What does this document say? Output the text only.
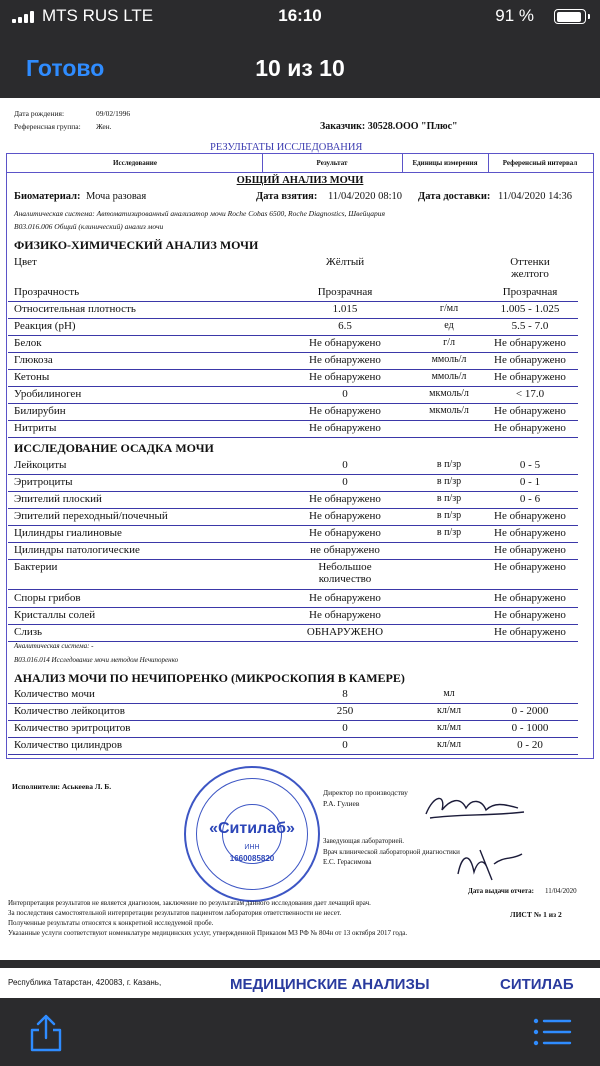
MTS RUS LTE	16:10	91 %
Готово	10 из 10
Дата рождения:	09/02/1996
Референсная группа: Жен.	Заказчик: 30528.ООО "Плюс"
РЕЗУЛЬТАТЫ ИССЛЕДОВАНИЯ
Исследование	Результат	Единицы измерения	Референсный интервал
ОБЩИЙ АНАЛИЗ МОЧИ
Биоматериал: Моча разовая	Дата взятия: 11/04/2020 08:10 Дата доставки: 11/04/2020 14:36
Аналитическая система: Автоматизированный анализатор мочи Roche Cobas 6500, Roche Diagnostics, Швейцария
B03.016.006 Общий (клинический) анализ мочи
ФИЗИКО-ХИМИЧЕСКИЙ АНАЛИЗ МОЧИ
Цвет	Жёлтый	Оттенки
желтого
Прозрачность	Прозрачная	Прозрачная
Относительная плотность	1.015	г/мл	1.005 - 1.025
Реакция (pH)	6.5	ед	5.5 - 7.0
Белок	Не обнаружено	г/л	Не обнаружено
Глюкоза	Не обнаружено	ммоль/л	Не обнаружено
Кетоны	Не обнаружено	ммоль/л	Не обнаружено
Уробилиноген	0	мкмоль/л	< 17.0
Билирубин	Не обнаружено	мкмоль/л	Не обнаружено
Нитриты	Не обнаружено	Не обнаружено
ИССЛЕДОВАНИЕ ОСАДКА МОЧИ
Лейкоциты	0	в п/зр	0 - 5
Эритроциты	0	в п/зр	0 - 1
Эпителий плоский	Не обнаружено	в п/зр	0 - 6
Эпителий переходный/почечный	Не обнаружено	в п/зр	Не обнаружено
Цилиндры гиалиновые	Не обнаружено	в п/зр	Не обнаружено
Цилиндры патологические	не обнаружено	Не обнаружено
Бактерии	Небольшое	Не обнаружено
количество
Споры грибов	Не обнаружено	Не обнаружено
Кристаллы солей	Не обнаружено	Не обнаружено
Слизь	ОБНАРУЖЕНО	Не обнаружено
Аналитическая система: -
B03.016.014 Исследование мочи методом Нечипоренко
АНАЛИЗ МОЧИ ПО НЕЧИПОРЕНКО (МИКРОСКОПИЯ В КАМЕРЕ)
Количество мочи	8	мл
Количество лейкоцитов	250	кл/мл	0 - 2000
Количество эритроцитов	0	кл/мл	0 - 1000
Количество цилиндров	0	кл/мл	0 - 20
Исполнители: Аськеева Л. Б.
Директор по производству
Р.А. Гулиев
Заведующая лабораторией.
Врач клинической лабораторной диагностики
Е.С. Герасимова
Дата выдачи отчета: 11/04/2020
«Ситилаб»
ИНН
1660085820
Интерпретация результатов не является диагнозом, заключение по результатам данного исследования дает лечащий врач.
За последствия самостоятельной интерпретации результатов пациентом лаборатория ответственности не несет.	ЛИСТ № 1 из 2
Полученные результаты относятся к конкретной исследуемой пробе.
Указанные услуги соответствуют номенклатуре медицинских услуг, утвержденной Приказом МЗ РФ № 804н от 13 октября 2017 года.
Республика Татарстан, 420083, г. Казань,	МЕДИЦИНСКИЕ АНАЛИЗЫ	СИТИЛАБ
